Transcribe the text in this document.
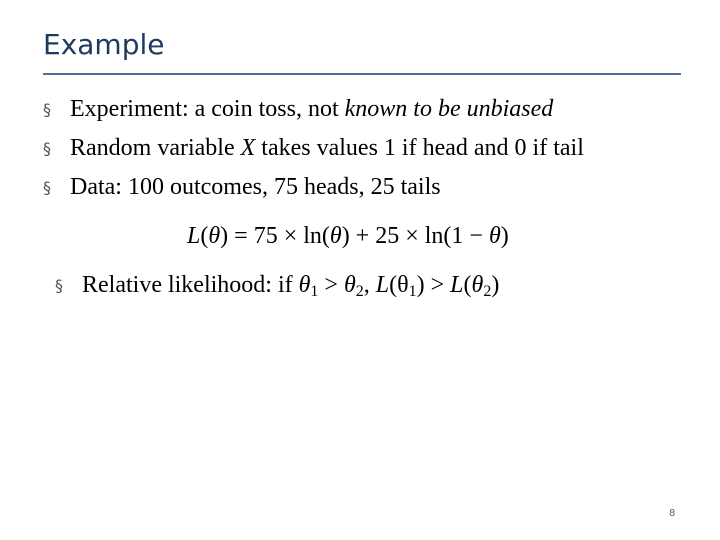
Example
§ Experiment: a coin toss, not known to be unbiased
§ Random variable X takes values 1 if head and 0 if tail
§ Data: 100 outcomes, 75 heads, 25 tails
L(θ) = 75 × ln(θ) + 25 × ln(1 − θ)
§ Relative likelihood: if $\theta_1 > \theta_2$, $L(\theta_1) > L(\theta_2)$
8
